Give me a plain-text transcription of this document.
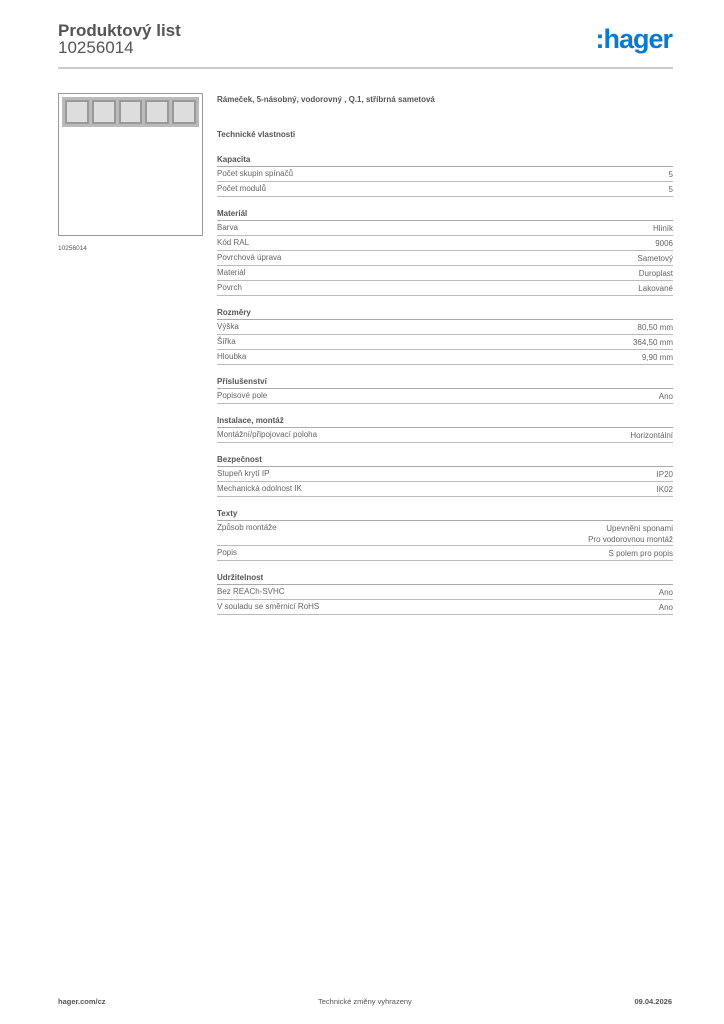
Produktový list
10256014	:hager
10256014
Rámeček, 5-násobný, vodorovný , Q.1, stříbrná sametová
Technické vlastnosti
Kapacita
Počet skupin spínačů	5
Počet modulů	5
Materiál
Barva	Hliník
Kód RAL	9006
Povrchová úprava	Sametový
Materiál	Duroplast
Povrch	Lakované
Rozměry
Výška	80,50 mm
Šířka	364,50 mm
Hloubka	9,90 mm
Příslušenství
Popisové pole	Ano
Instalace, montáž
Montážní/připojovací poloha	Horizontální
Bezpečnost
Stupeň krytí IP	IP20
Mechanická odolnost IK	IK02
Texty
Způsob montáže	Upevnění sponami
Pro vodorovnou montáž
Popis	S polem pro popis
Udržitelnost
Bez REACh-SVHC	Ano
V souladu se směrnicí RoHS	Ano
hager.com/cz	Technické změny vyhrazeny	09.04.2026
